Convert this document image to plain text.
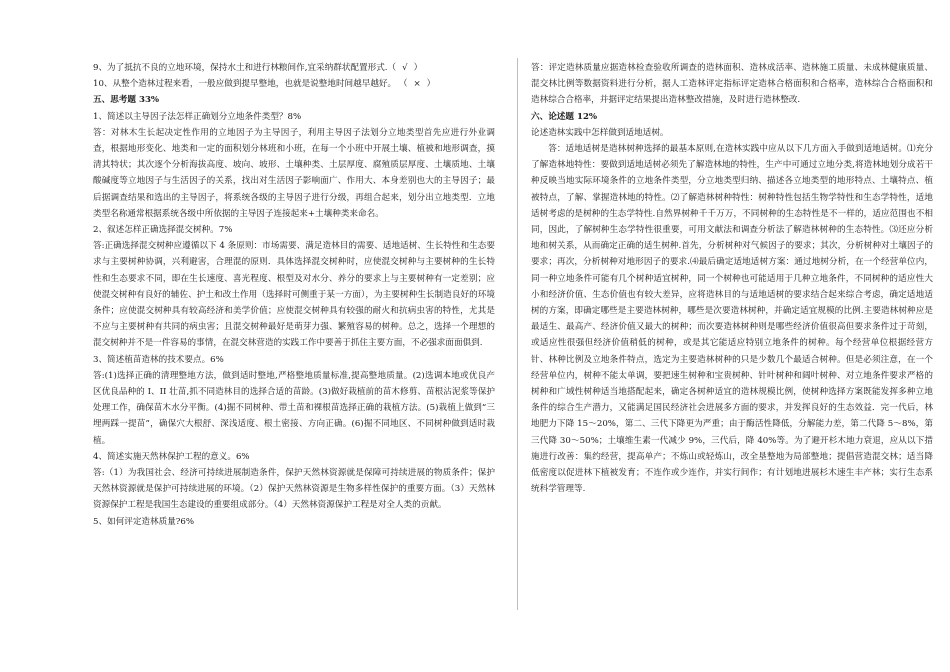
9、为了抵抗不良的立地环境，保持水土和进行林粮间作,宜采纳群状配置形式.（ √ ）

10、从整个造林过程来看，一般应做到提早整地，也就是说整地时间越早越好。 （ × ）

五、思考题 33%

1、简述以主导因子法怎样正确划分立地条件类型？8%

答：对林木生长起决定性作用的立地因子为主导因子，利用主导因子法划分立地类型首先应进行外业调查，根据地形变化、地类和一定的面积划分林班和小班，在每一个小班中开展土壤、植被和地形调查，摸清其特状；其次逐个分析海拔高度、坡向、坡形、土壤种类、土层厚度、腐殖质层厚度、土壤质地、土壤酸碱度等立地因子与生活因子的关系，找出对生活因子影响面广、作用大、本身差别也大的主导因子；最后据调查结果和选出的主导因子，将系统各级的主导因子进行分级，再组合起来，划分出立地类型．立地类型名称通常根据系统各级中所依据的主导因子连接起来+土壤种类来命名。

2、叙述怎样正确选择混交树种。7%

答:正确选择混交树种应遵循以下 4 条原则：市场需要、满足造林目的需要、适地适树、生长特性和生态要求与主要树种协调，兴利避害，合理混的原则．具体选择混交树种时，应使混交树种与主要树种的生长特性和生态要求不同，即在生长速度、喜光程度、根型及对水分、养分的要求上与主要树种有一定差别；应使混交树种有良好的辅佐、护土和改土作用（选择时可侧重于某一方面），为主要树种生长制造良好的环境条件；应使混交树种具有较高经济和美学价值；应使混交树种具有较强的耐火和抗病虫害的特性，尤其是不应与主要树种有共同的病虫害；且混交树种最好是萌芽力强、繁殖容易的树种。总之，选择一个理想的混交树种并不是一件容易的事情，在混交林营造的实践工作中要善于抓住主要方面，不必强求面面俱到.

3、简述植苗造林的技术要点。6%

答:(1)选择正确的清理整地方法，做到适时整地,严格整地质量标准,提高整地质量。(2)选调本地或优良产区优良品种的 I、II 壮苗,抓不同造林目的选择合适的苗龄。(3)做好栽植前的苗木修剪、苗根沾泥浆等保护处理工作，确保苗木水分平衡。(4)掘不同树种、带土苗和裸根苗选择正确的栽植方法。(5)栽植上做到“三埋两踩一提苗”，确保穴大根舒、深浅适度、根土密接、方向正确。(6)掘不同地区、不同树种做到适时栽植。

4、简述实施天然林保护工程的意义。6%

答:（1）为我国社会、经济可持续进展制造条件，保护天然林资源就是保障可持续进展的物质条件；保护天然林资源就是保护可持续进展的环境。（2）保护天然林资源是生物多样性保护的重要方面。（3）天然林资源保护工程是我国生态建设的重要组成部分。（4）天然林资源保护工程是对全人类的贡献。

5、如何评定造林质量?6%

答：评定造林质量应据造林检查验收所调查的造林面积、造林成活率、造林施工质量、未成林健康质量、混交林比例等数据资料进行分析，据人工造林评定指标评定造林合格面积和合格率，造林综合合格面积和造林综合合格率，并据评定结果提出造林整改措施，及时进行造林整改.

六、论述题 12%

论述造林实践中怎样做到适地适树。

答：适地适树是造林树种选择的最基本原则,在造林实践中应从以下几方面入手做到适地适树。⑴充分了解造林地特性：要做到适地适树必须先了解造林地的特性，生产中可通过立地分类,将造林地划分成若干种反映当地实际环境条件的立地条件类型，分立地类型归纳、描述各立地类型的地形特点、土壤特点、植被特点，了解、掌握造林地的特性。⑵了解造林树种特性：树种特性包括生物学特性和生态学特性，适地适树考虑的是树种的生态学特性.自然界树种千千万万，不同树种的生态特性是不一样的，适应范围也不相同，因此，了解树种生态学特性很重要，可用文献法和调查分析法了解造林树种的生态特性。⑶还应分析地和树关系，从而确定正确的适生树种.首先，分析树种对气候因子的要求；其次，分析树种对土壤因子的要求；再次，分析树种对地形因子的要求.⑷最后确定适地适树方案：通过地树分析，在一个经营单位内，同一种立地条件可能有几个树种适宜树种，同一个树种也可能适用于几种立地条件，不同树种的适应性大小和经济价值、生态价值也有较大差异，应将造林目的与适地适树的要求结合起来综合考虑，确定适地适树的方案，即确定哪些是主要造林树种，哪些是次要造林树种，并确定适宜规模的比例.主要造林树种应是最适生、最高产、经济价值又最大的树种；而次要造林树种则是哪些经济价值很高但要求条件过于苛刻，或适应性很强但经济价值稍低的树种，或是其它能适应特别立地条件的树种。每个经营单位根据经营方针、林种比例及立地条件特点，选定为主要造林树种的只是少数几个最适合树种。但是必须注意，在一个经营单位内，树种不能太单调，要把速生树种和宝贵树种、针叶树种和阔叶树种、对立地条件要求严格的树种和广域性树种适当地搭配起来，确定各树种适宜的造林规模比例，使树种选择方案既能发挥多种立地条件的综合生产潜力，又能满足国民经济社会进展多方面的要求，并发挥良好的生态效益．完一代后，林地肥力下降 15～20%，第二、三代下降更为严重；由于酶活性降低，分解能力差，第二代降 5～8%，第三代降 30～50%；土壤维生素一代减少 9%，三代后，降 40%等。为了避开杉木地力衰退，应从以下措施进行改善：集约经营，提高单产；不炼山或轻炼山，改全垦整地为局部整地；提倡营造混交林；适当降低密度以促进林下植被发育；不连作或少连作，并实行间作；有计划地进展杉木速生丰产林；实行生态系统科学管理等.
